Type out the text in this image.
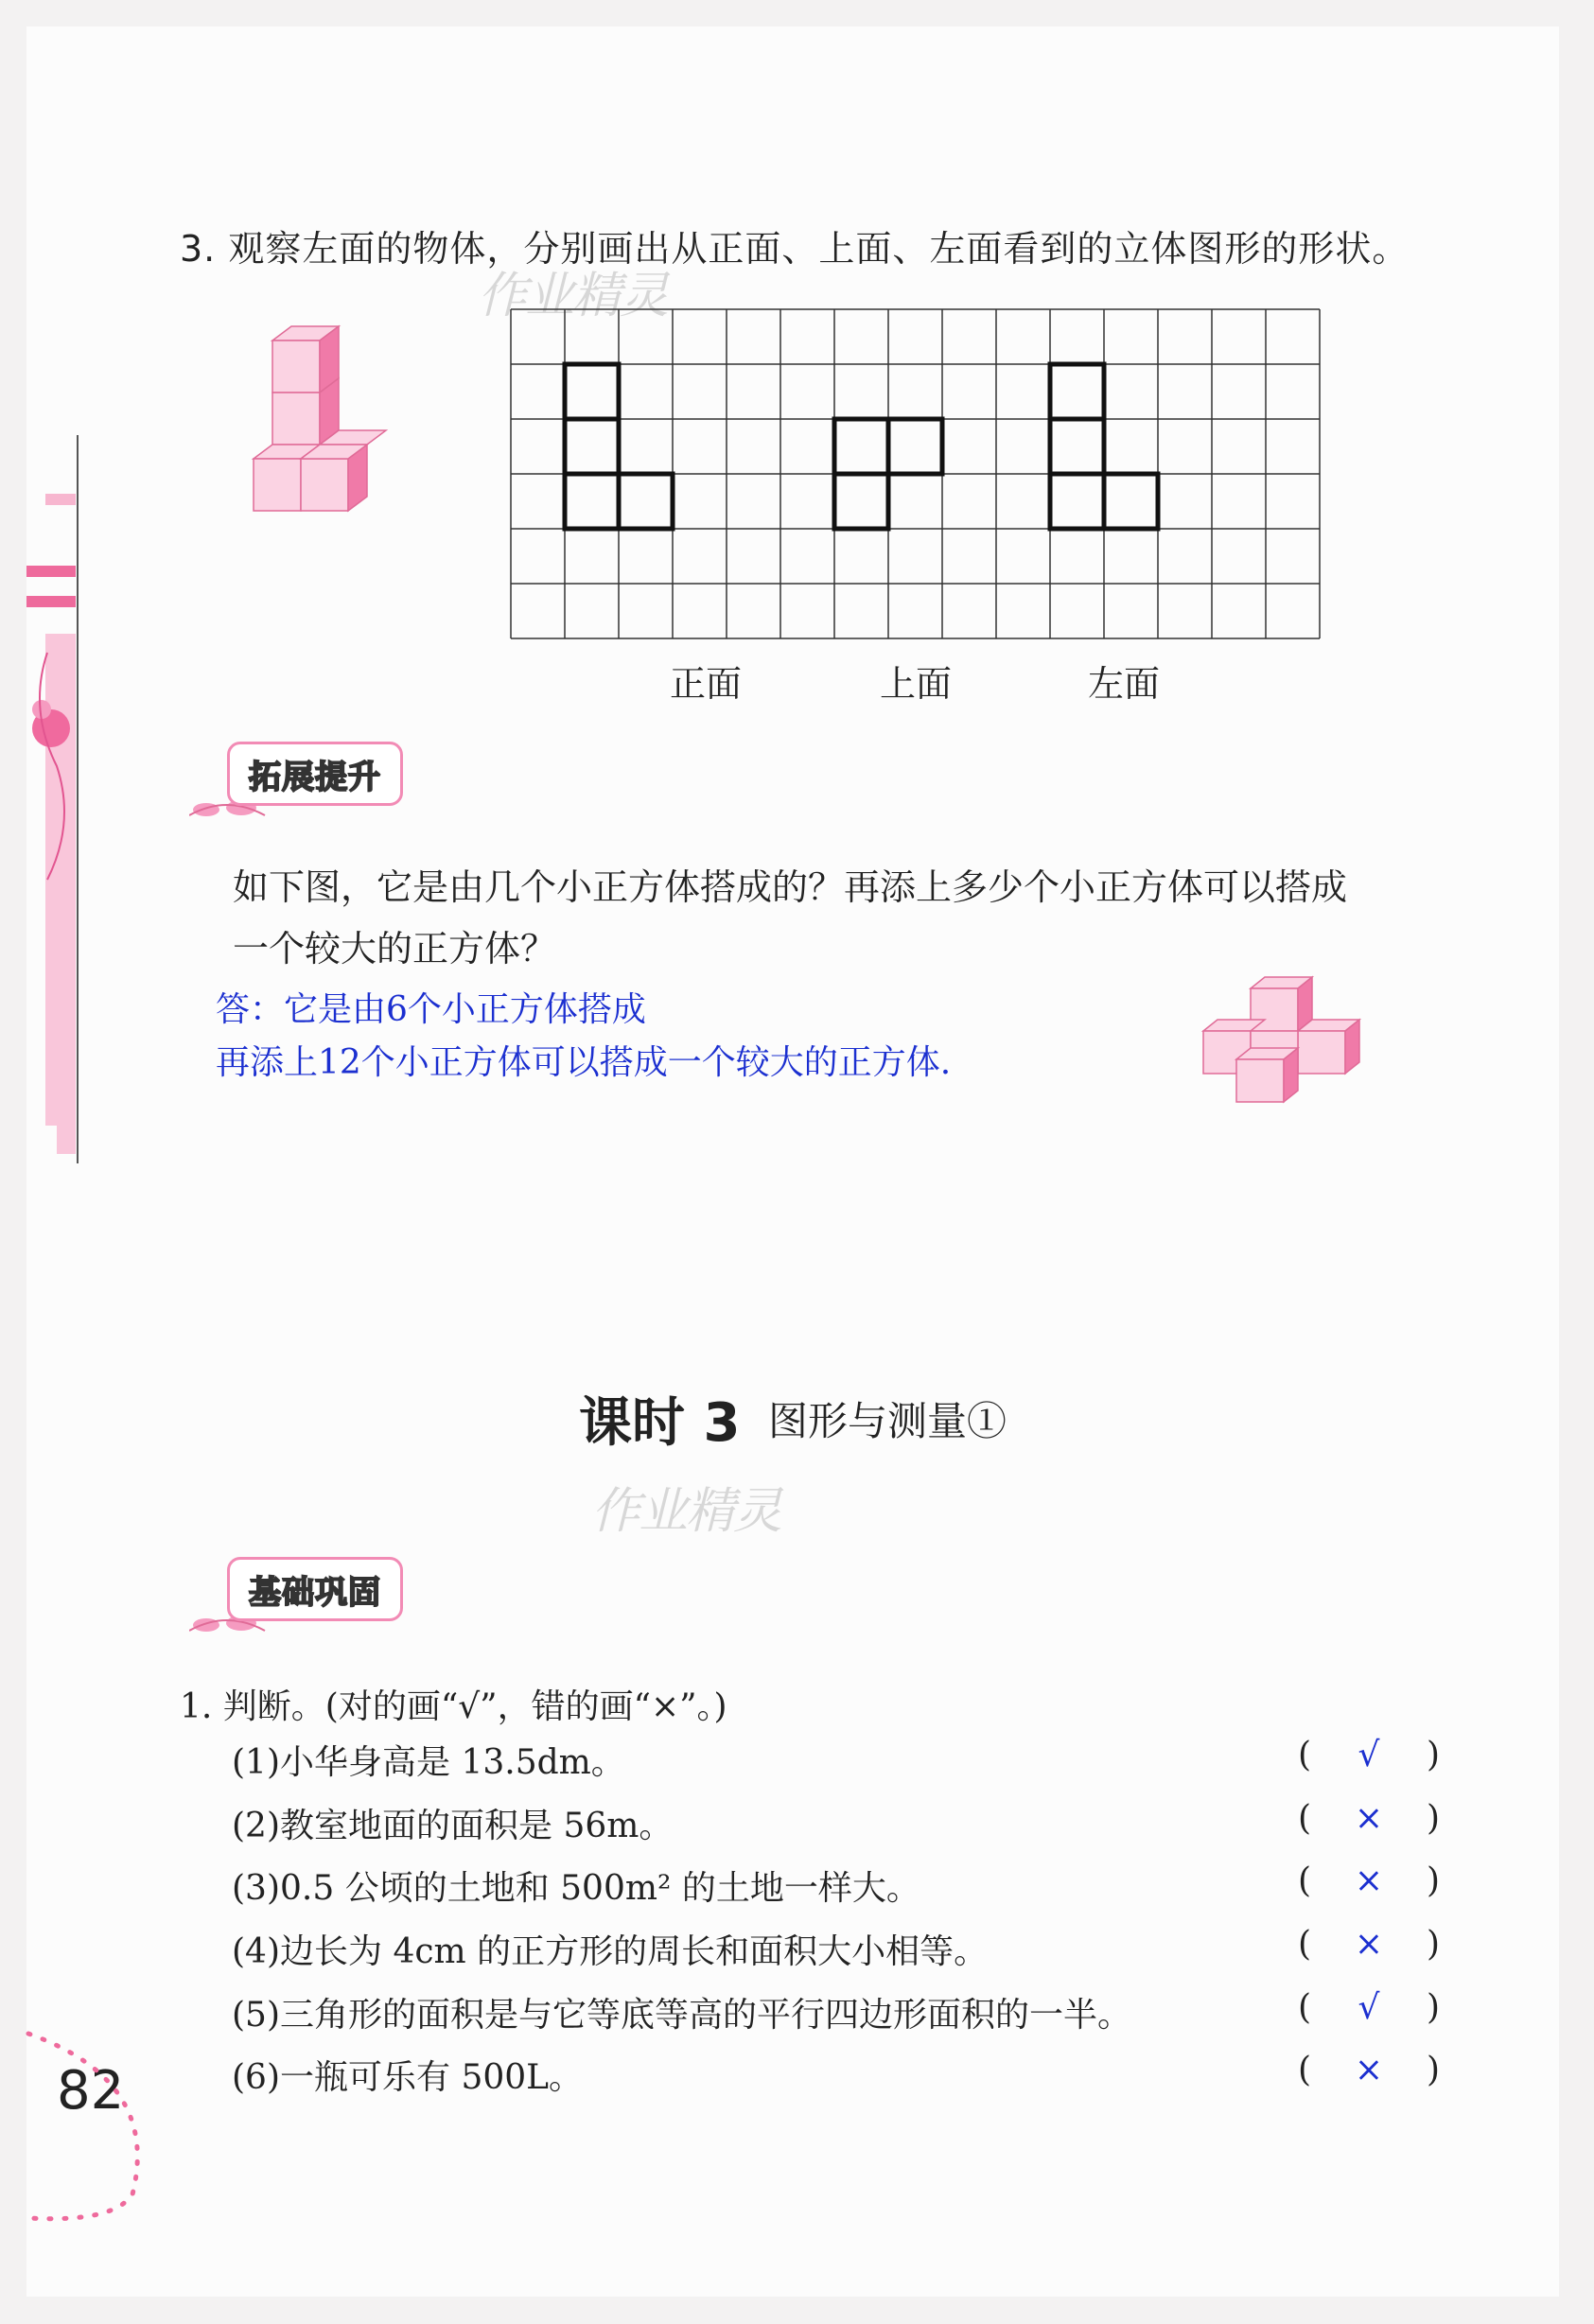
3. 观察左面的物体，分别画出从正面、上面、左面看到的立体图形的形状。
作业精灵
正面	上面	左面
拓展提升
如下图，它是由几个小正方体搭成的？再添上多少个小正方体可以搭成
一个较大的正方体？
答：它是由6个小正方体搭成
再添上12个小正方体可以搭成一个较大的正方体.
课时 3 图形与测量①
作业精灵
基础巩固
1. 判断。(对的画“√”，错的画“×”。)
(1)小华身高是 13.5dm。	( √ )
(2)教室地面的面积是 56m。	( × )
(3)0.5 公顷的土地和 500m² 的土地一样大。	( × )
(4)边长为 4cm 的正方形的周长和面积大小相等。	( × )
(5)三角形的面积是与它等底等高的平行四边形面积的一半。	( √ )
(6)一瓶可乐有 500L。	( × )
82
